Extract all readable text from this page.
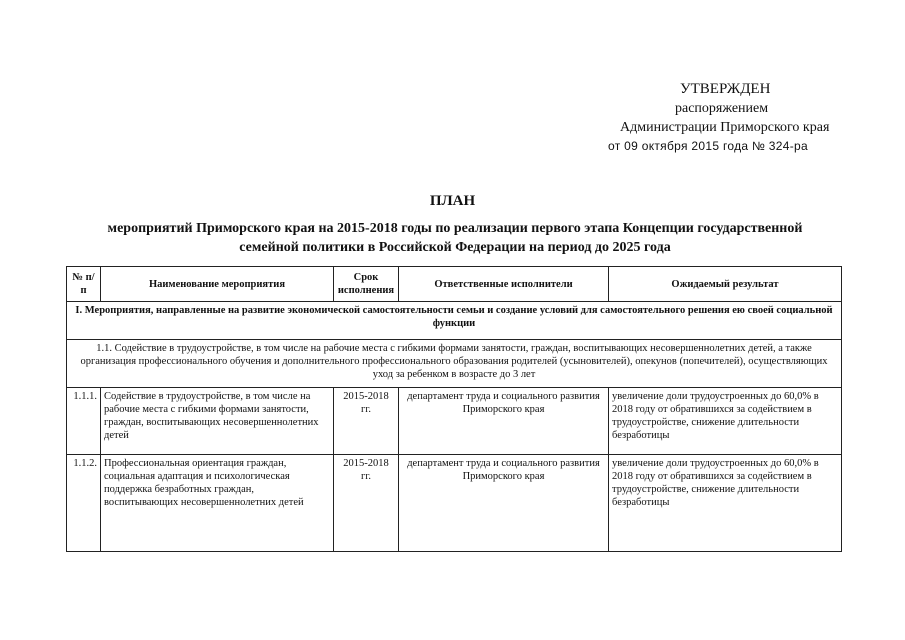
УТВЕРЖДЕН
распоряжением
Администрации Приморского края
от 09 октября 2015 года № 324-ра
ПЛАН
мероприятий Приморского края на 2015-2018 годы по реализации первого этапа Концепции государственной
семейной политики в Российской Федерации на период до 2025 года
№ п/п	Наименование мероприятия	Срок исполнения	Ответственные исполнители	Ожидаемый результат
I. Мероприятия, направленные на развитие экономической самостоятельности семьи и создание условий для самостоятельного решения ею своей социальной функции				
1.1. Содействие в трудоустройстве, в том числе на рабочие места с гибкими формами занятости, граждан, воспитывающих несовершеннолетних детей, а также организация профессионального обучения и дополнительного профессионального образования родителей (усыновителей), опекунов (попечителей), осуществляющих уход за ребенком в возрасте до 3 лет				
1.1.1.	Содействие в трудоустройстве, в том числе на рабочие места с гибкими формами занятости, граждан, воспитывающих несовершеннолетних детей	2015-2018 гг.	департамент труда и социального развития Приморского края	увеличение доли трудоустроенных до 60,0% в 2018 году от обратившихся за содействием в трудоустройстве, снижение длительности безработицы
1.1.2.	Профессиональная ориентация граждан, социальная адаптация и психологическая поддержка безработных граждан, воспитывающих несовершеннолетних детей	2015-2018 гг.	департамент труда и социального развития Приморского края	увеличение доли трудоустроенных до 60,0% в 2018 году от обратившихся за содействием в трудоустройстве, снижение длительности безработицы
